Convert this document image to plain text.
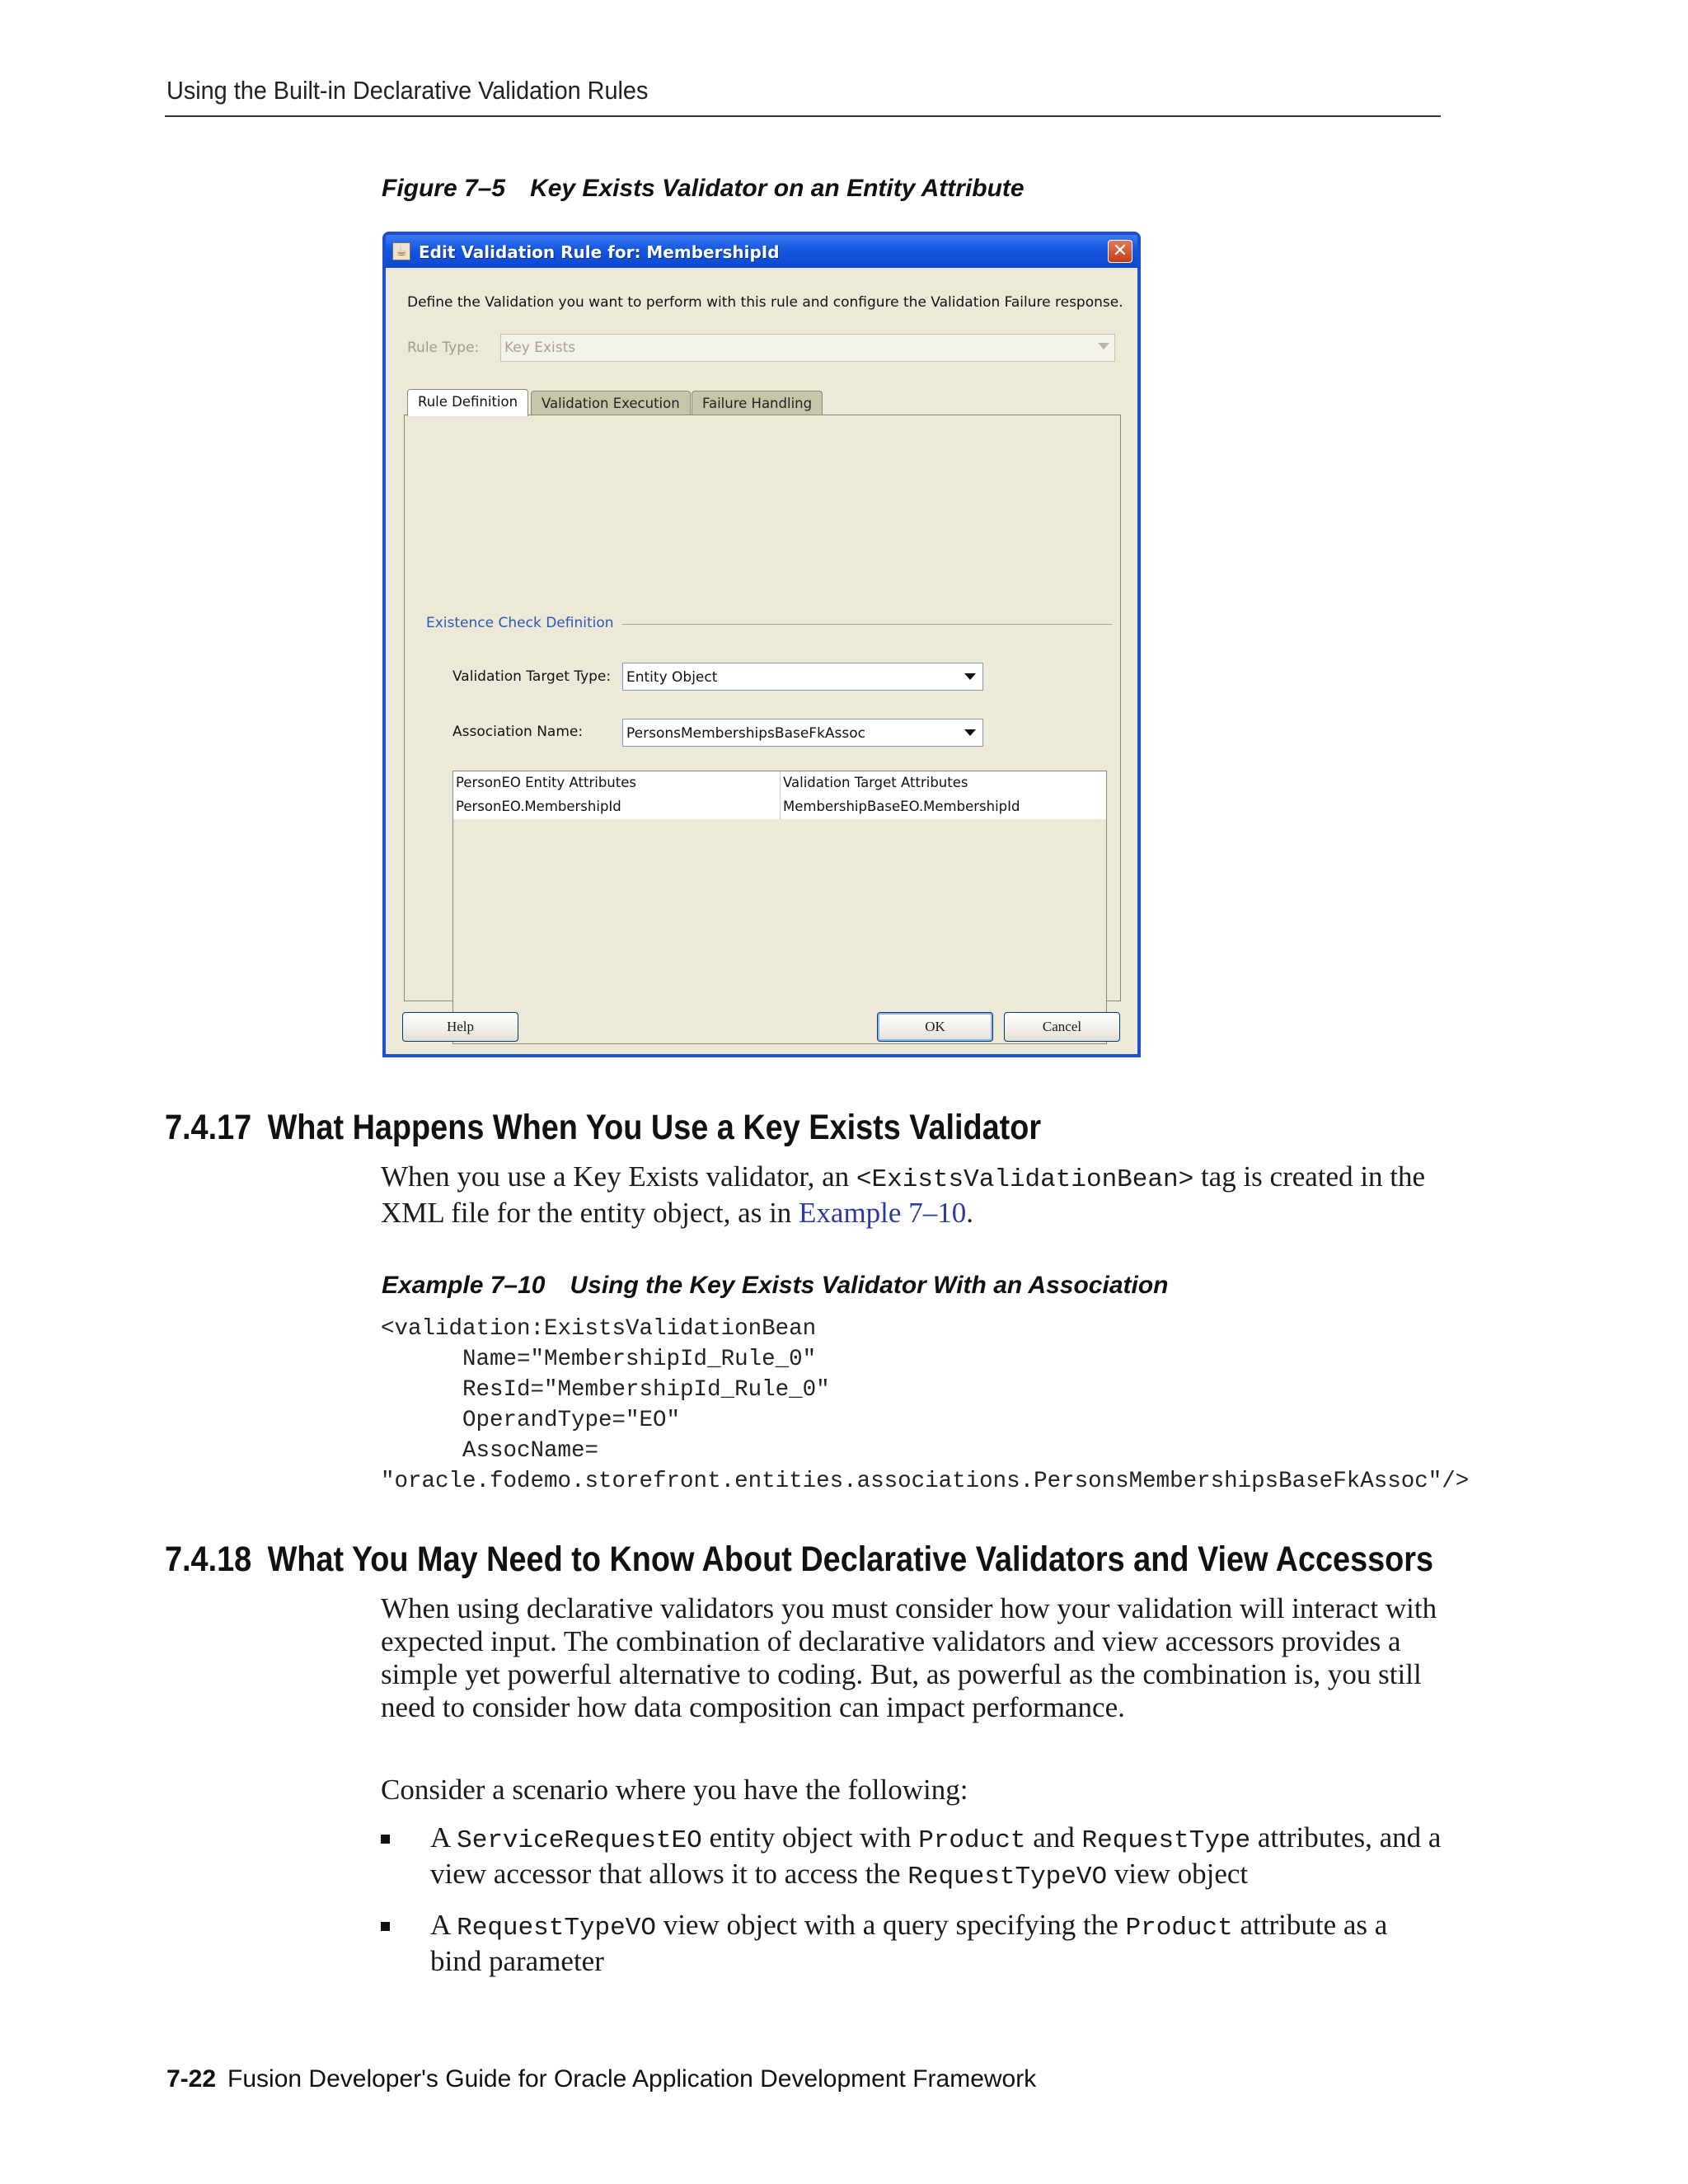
Using the Built-in Declarative Validation Rules
Figure 7–5 Key Exists Validator on an Entity Attribute
☕ Edit Validation Rule for: MembershipId	✕
Define the Validation you want to perform with this rule and configure the Validation Failure response.
Rule Type: Key Exists
Rule Definition	Validation Execution	Failure Handling
Existence Check Definition
Validation Target Type: Entity Object
Association Name:	PersonsMembershipsBaseFkAssoc
PersonEO Entity Attributes	Validation Target Attributes
PersonEO.MembershipId	MembershipBaseEO.MembershipId
Help	OK	Cancel
7.4.17 What Happens When You Use a Key Exists Validator
When you use a Key Exists validator, an <ExistsValidationBean> tag is created in the XML file for the entity object, as in Example 7–10.
Example 7–10 Using the Key Exists Validator With an Association
<validation:ExistsValidationBean
Name="MembershipId_Rule_0"
ResId="MembershipId_Rule_0"
OperandType="EO"
AssocName=
"oracle.fodemo.storefront.entities.associations.PersonsMembershipsBaseFkAssoc"/>
7.4.18 What You May Need to Know About Declarative Validators and View Accessors
When using declarative validators you must consider how your validation will interact with expected input. The combination of declarative validators and view accessors provides a simple yet powerful alternative to coding. But, as powerful as the combination is, you still need to consider how data composition can impact performance.
Consider a scenario where you have the following:
A ServiceRequestEO entity object with Product and RequestType attributes, and a view accessor that allows it to access the RequestTypeVO view object
A RequestTypeVO view object with a query specifying the Product attribute as a bind parameter
7-22 Fusion Developer's Guide for Oracle Application Development Framework
